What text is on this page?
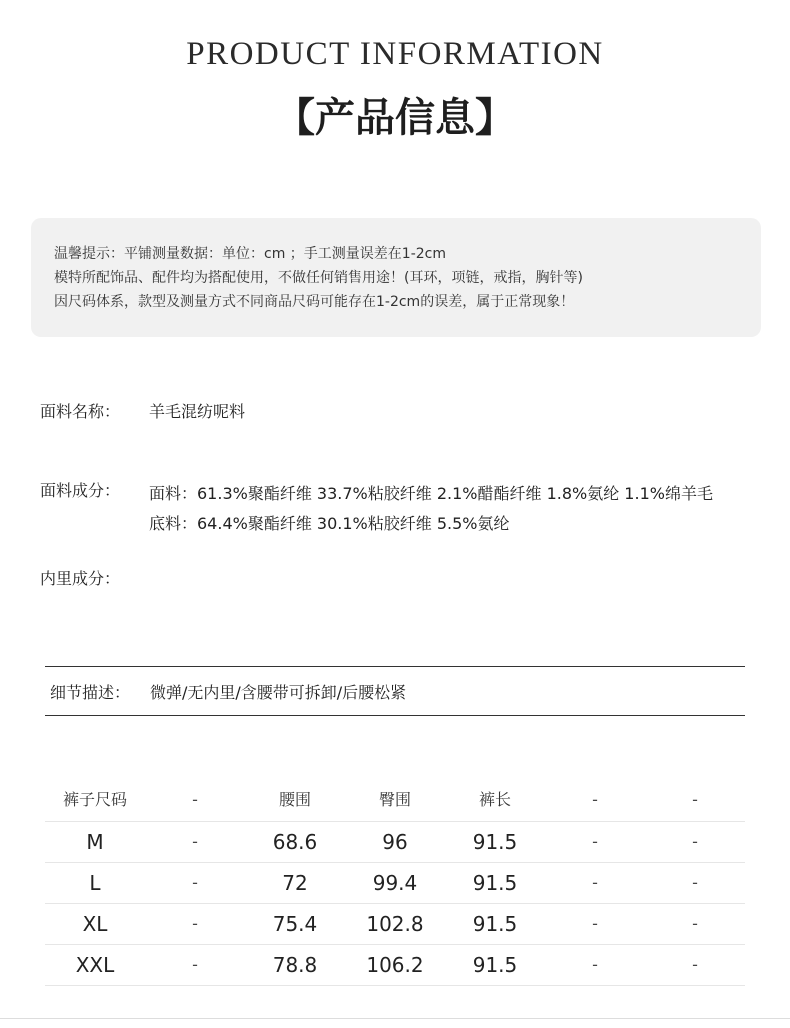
PRODUCT INFORMATION
【产品信息】
温馨提示：平铺测量数据：单位：cm ；手工测量误差在1-2cm
模特所配饰品、配件均为搭配使用，不做任何销售用途！(耳环，项链，戒指，胸针等)
因尺码体系，款型及测量方式不同商品尺码可能存在1-2cm的误差，属于正常现象！
面料名称： 羊毛混纺呢料
面料成分： 面料：61.3%聚酯纤维 33.7%粘胶纤维 2.1%醋酯纤维 1.8%氨纶 1.1%绵羊毛
底料：64.4%聚酯纤维 30.1%粘胶纤维 5.5%氨纶
内里成分：
细节描述： 微弹/无内里/含腰带可拆卸/后腰松紧
裤子尺码	-	腰围	臀围	裤长	-	-
M	-	68.6	96	91.5	-	-
L	-	72	99.4	91.5	-	-
XL	-	75.4	102.8	91.5	-	-
XXL	-	78.8	106.2	91.5	-	-
